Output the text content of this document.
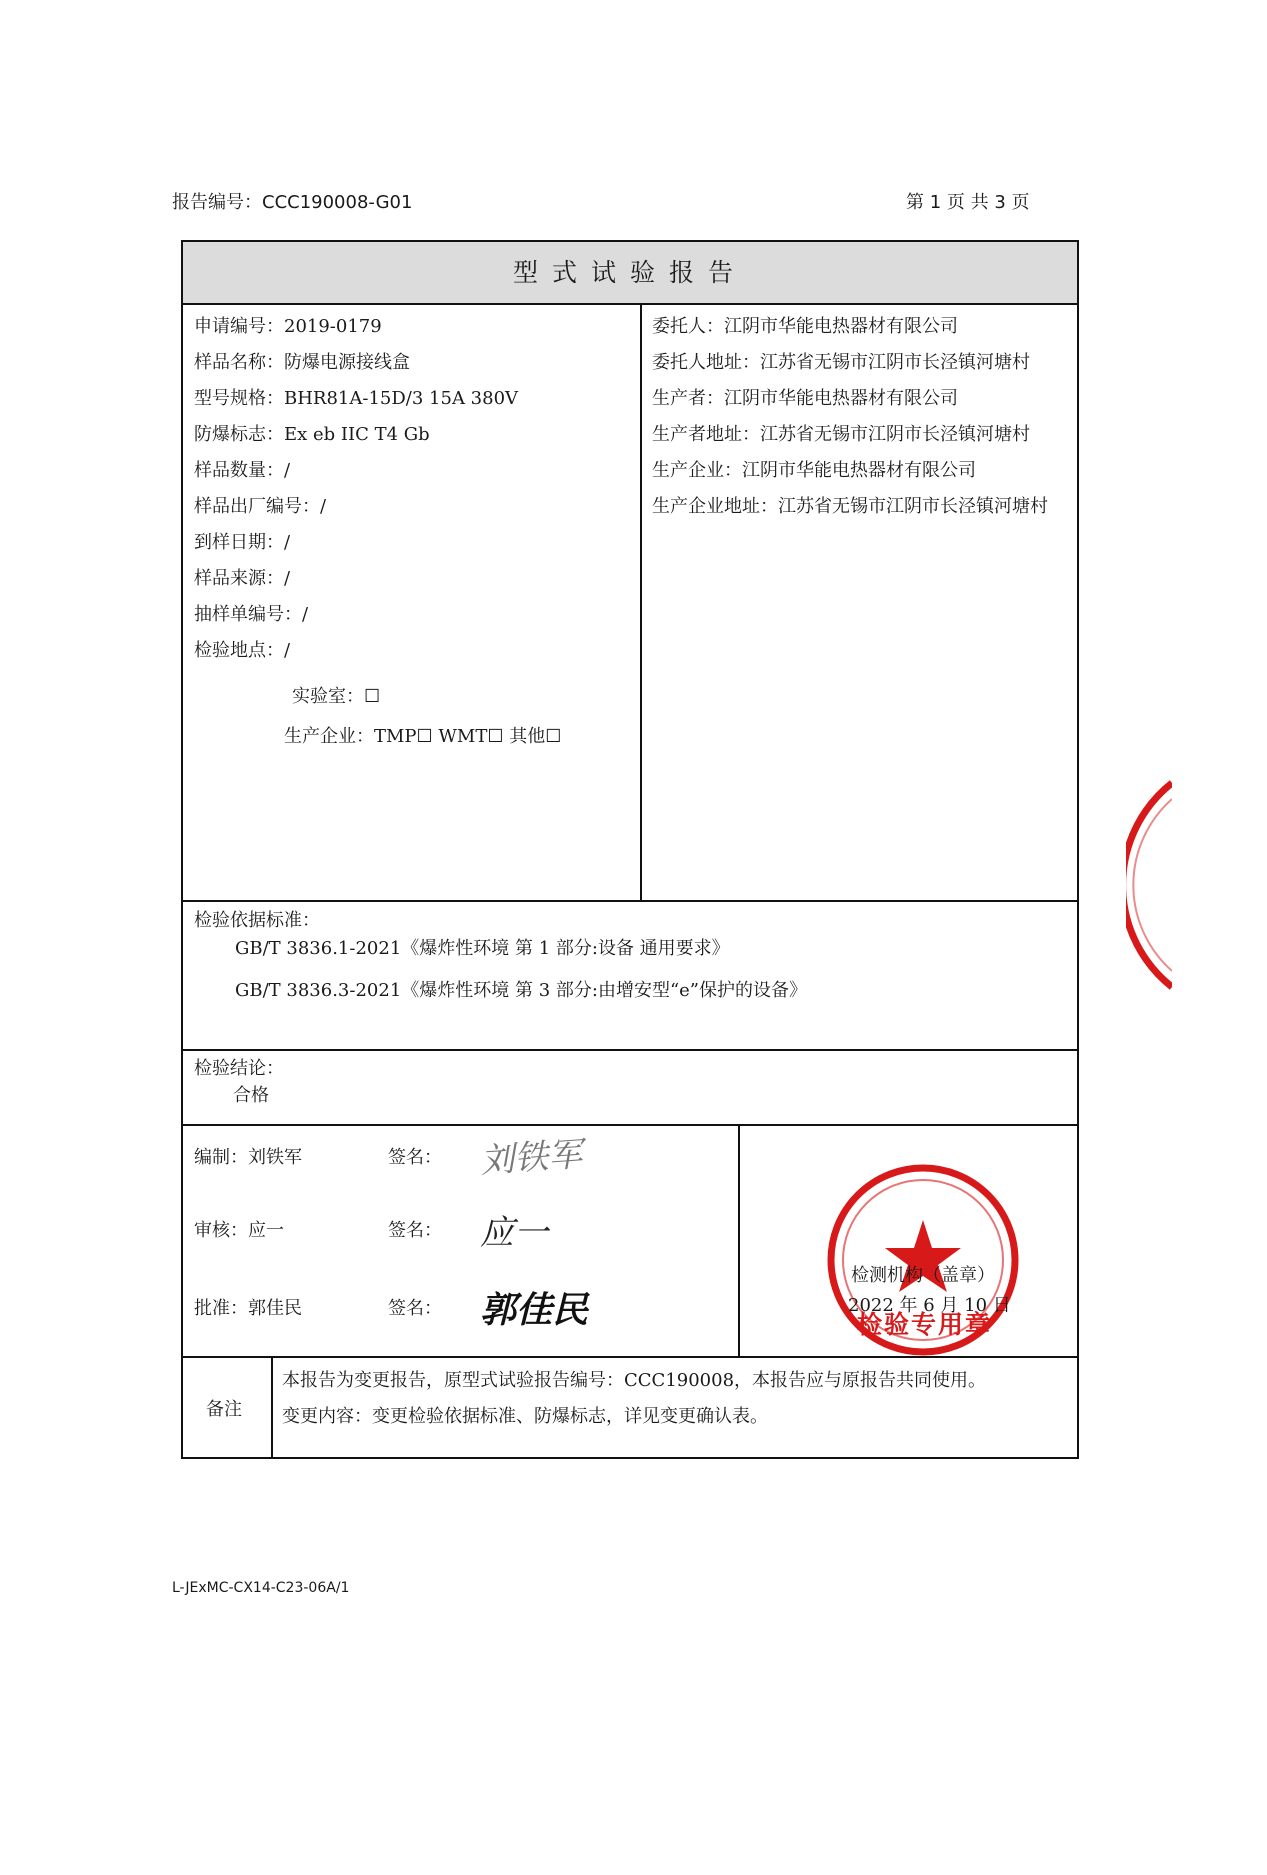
报告编号：CCC190008-G01	第 1 页 共 3 页
型式试验报告
申请编号：2019-0179
样品名称：防爆电源接线盒
型号规格：BHR81A-15D/3 15A 380V
防爆标志：Ex eb IIC T4 Gb
样品数量：/
样品出厂编号：/
到样日期：/
样品来源：/
抽样单编号：/
检验地点：/
实验室：☐
生产企业：TMP☐ WMT☐ 其他☐
委托人：江阴市华能电热器材有限公司
委托人地址：江苏省无锡市江阴市长泾镇河塘村
生产者：江阴市华能电热器材有限公司
生产者地址：江苏省无锡市江阴市长泾镇河塘村
生产企业：江阴市华能电热器材有限公司
生产企业地址：江苏省无锡市江阴市长泾镇河塘村
检验依据标准：
GB/T 3836.1-2021《爆炸性环境 第 1 部分:设备 通用要求》
GB/T 3836.3-2021《爆炸性环境 第 3 部分:由增安型“e”保护的设备》
检验结论：
合格
编制：刘铁军	签名： 刘铁军
审核：应一	签名： 应一
批准：郭佳民	签名： 郭佳民
检测机构（盖章）
2022 年 6 月 10 日
检验专用章
备注
本报告为变更报告，原型式试验报告编号：CCC190008，本报告应与原报告共同使用。
变更内容：变更检验依据标准、防爆标志，详见变更确认表。
L-JExMC-CX14-C23-06A/1
